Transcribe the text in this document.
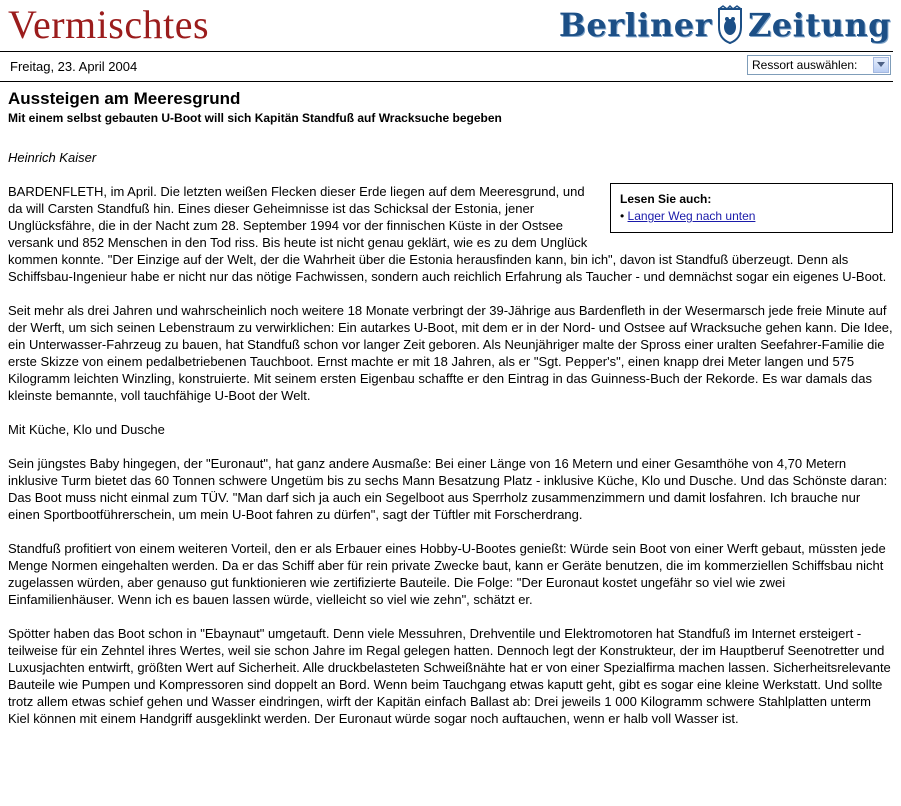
Vermischtes	Berliner Zeitung
Freitag, 23. April 2004	Ressort auswählen:
Aussteigen am Meeresgrund
Mit einem selbst gebauten U-Boot will sich Kapitän Standfuß auf Wracksuche begeben

Heinrich Kaiser

Lesen Sie auch:
• Langer Weg nach unten

BARDENFLETH, im April. Die letzten weißen Flecken dieser Erde liegen auf dem Meeresgrund, und da will Carsten Standfuß hin. Eines dieser Geheimnisse ist das Schicksal der Estonia, jener Unglücksfähre, die in der Nacht zum 28. September 1994 vor der finnischen Küste in der Ostsee versank und 852 Menschen in den Tod riss. Bis heute ist nicht genau geklärt, wie es zu dem Unglück kommen konnte. "Der Einzige auf der Welt, der die Wahrheit über die Estonia herausfinden kann, bin ich", davon ist Standfuß überzeugt. Denn als Schiffsbau-Ingenieur habe er nicht nur das nötige Fachwissen, sondern auch reichlich Erfahrung als Taucher - und demnächst sogar ein eigenes U-Boot.

Seit mehr als drei Jahren und wahrscheinlich noch weitere 18 Monate verbringt der 39-Jährige aus Bardenfleth in der Wesermarsch jede freie Minute auf der Werft, um sich seinen Lebenstraum zu verwirklichen: Ein autarkes U-Boot, mit dem er in der Nord- und Ostsee auf Wracksuche gehen kann. Die Idee, ein Unterwasser-Fahrzeug zu bauen, hat Standfuß schon vor langer Zeit geboren. Als Neunjähriger malte der Spross einer uralten Seefahrer-Familie die erste Skizze von einem pedalbetriebenen Tauchboot. Ernst machte er mit 18 Jahren, als er "Sgt. Pepper's", einen knapp drei Meter langen und 575 Kilogramm leichten Winzling, konstruierte. Mit seinem ersten Eigenbau schaffte er den Eintrag in das Guinness-Buch der Rekorde. Es war damals das kleinste bemannte, voll tauchfähige U-Boot der Welt.

Mit Küche, Klo und Dusche

Sein jüngstes Baby hingegen, der "Euronaut", hat ganz andere Ausmaße: Bei einer Länge von 16 Metern und einer Gesamthöhe von 4,70 Metern inklusive Turm bietet das 60 Tonnen schwere Ungetüm bis zu sechs Mann Besatzung Platz - inklusive Küche, Klo und Dusche. Und das Schönste daran: Das Boot muss nicht einmal zum TÜV. "Man darf sich ja auch ein Segelboot aus Sperrholz zusammenzimmern und damit losfahren. Ich brauche nur einen Sportbootführerschein, um mein U-Boot fahren zu dürfen", sagt der Tüftler mit Forscherdrang.

Standfuß profitiert von einem weiteren Vorteil, den er als Erbauer eines Hobby-U-Bootes genießt: Würde sein Boot von einer Werft gebaut, müssten jede Menge Normen eingehalten werden. Da er das Schiff aber für rein private Zwecke baut, kann er Geräte benutzen, die im kommerziellen Schiffsbau nicht zugelassen würden, aber genauso gut funktionieren wie zertifizierte Bauteile. Die Folge: "Der Euronaut kostet ungefähr so viel wie zwei Einfamilienhäuser. Wenn ich es bauen lassen würde, vielleicht so viel wie zehn", schätzt er.

Spötter haben das Boot schon in "Ebaynaut" umgetauft. Denn viele Messuhren, Drehventile und Elektromotoren hat Standfuß im Internet ersteigert - teilweise für ein Zehntel ihres Wertes, weil sie schon Jahre im Regal gelegen hatten. Dennoch legt der Konstrukteur, der im Hauptberuf Seenotretter und Luxusjachten entwirft, größten Wert auf Sicherheit. Alle druckbelasteten Schweißnähte hat er von einer Spezialfirma machen lassen. Sicherheitsrelevante Bauteile wie Pumpen und Kompressoren sind doppelt an Bord. Wenn beim Tauchgang etwas kaputt geht, gibt es sogar eine kleine Werkstatt. Und sollte trotz allem etwas schief gehen und Wasser eindringen, wirft der Kapitän einfach Ballast ab: Drei jeweils 1 000 Kilogramm schwere Stahlplatten unterm Kiel können mit einem Handgriff ausgeklinkt werden. Der Euronaut würde sogar noch auftauchen, wenn er halb voll Wasser ist.
